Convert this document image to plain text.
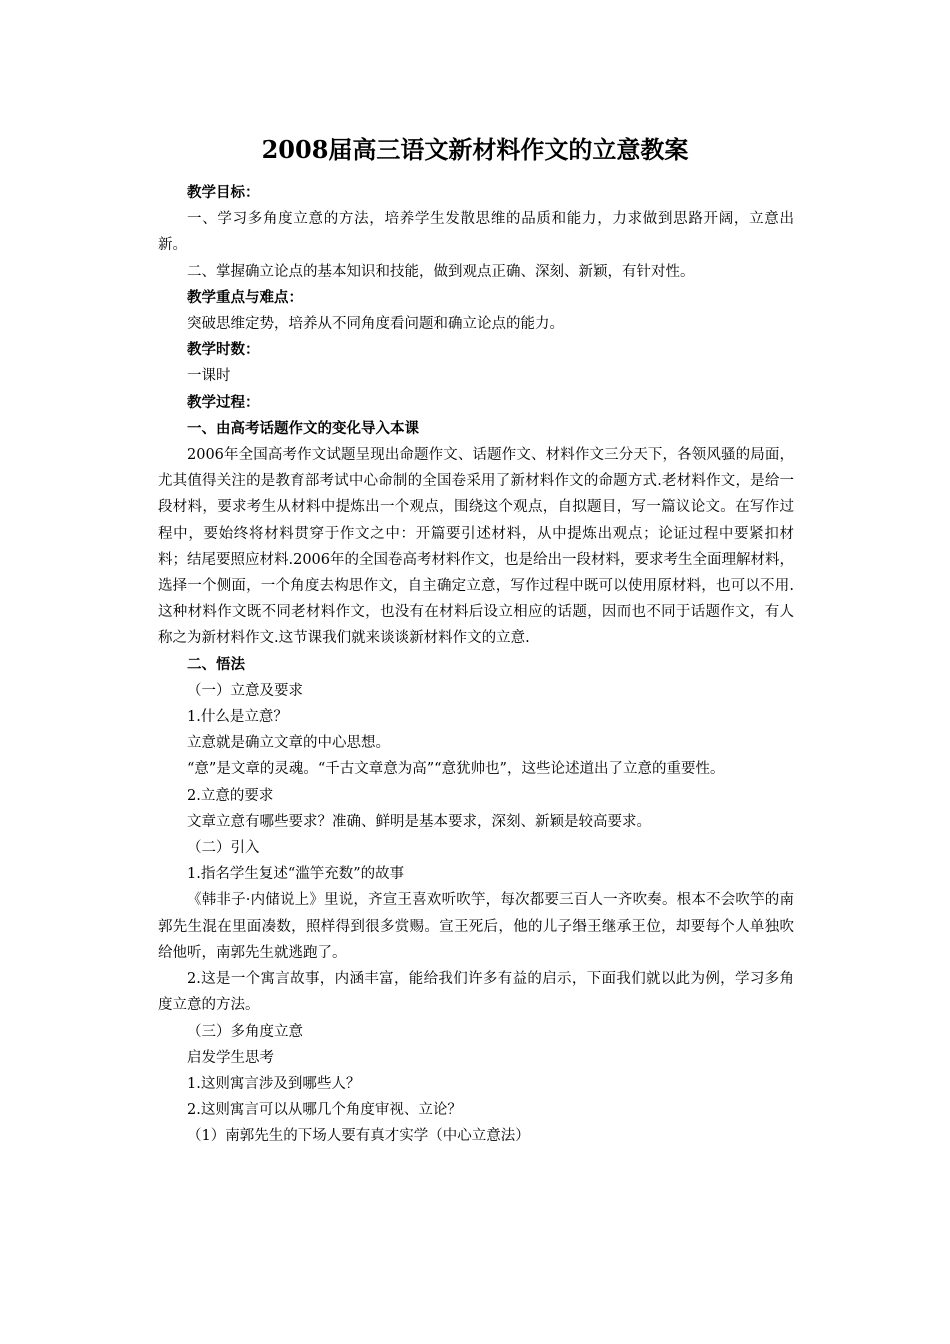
2008届高三语文新材料作文的立意教案

教学目标：

一、学习多角度立意的方法，培养学生发散思维的品质和能力，力求做到思路开阔，立意出新。

二、掌握确立论点的基本知识和技能，做到观点正确、深刻、新颖，有针对性。

教学重点与难点：

突破思维定势，培养从不同角度看问题和确立论点的能力。

教学时数：

一课时

教学过程：

一、由高考话题作文的变化导入本课

2006年全国高考作文试题呈现出命题作文、话题作文、材料作文三分天下，各领风骚的局面，尤其值得关注的是教育部考试中心命制的全国卷采用了新材料作文的命题方式.老材料作文，是给一段材料，要求考生从材料中提炼出一个观点，围绕这个观点，自拟题目，写一篇议论文。在写作过程中，要始终将材料贯穿于作文之中：开篇要引述材料，从中提炼出观点；论证过程中要紧扣材料；结尾要照应材料.2006年的全国卷高考材料作文，也是给出一段材料，要求考生全面理解材料，选择一个侧面，一个角度去构思作文，自主确定立意，写作过程中既可以使用原材料，也可以不用.这种材料作文既不同老材料作文，也没有在材料后设立相应的话题，因而也不同于话题作文，有人称之为新材料作文.这节课我们就来谈谈新材料作文的立意.

二、悟法

（一）立意及要求

1.什么是立意？

立意就是确立文章的中心思想。

“意”是文章的灵魂。“千古文章意为高”“意犹帅也”，这些论述道出了立意的重要性。

2.立意的要求

文章立意有哪些要求？准确、鲜明是基本要求，深刻、新颖是较高要求。

（二）引入

1.指名学生复述“滥竽充数”的故事

《韩非子·内储说上》里说，齐宣王喜欢听吹竽，每次都要三百人一齐吹奏。根本不会吹竽的南郭先生混在里面凑数，照样得到很多赏赐。宣王死后，他的儿子缗王继承王位，却要每个人单独吹给他听，南郭先生就逃跑了。

2.这是一个寓言故事，内涵丰富，能给我们许多有益的启示，下面我们就以此为例，学习多角度立意的方法。

（三）多角度立意

启发学生思考

1.这则寓言涉及到哪些人？

2.这则寓言可以从哪几个角度审视、立论？

（1）南郭先生的下场人要有真才实学（中心立意法）
